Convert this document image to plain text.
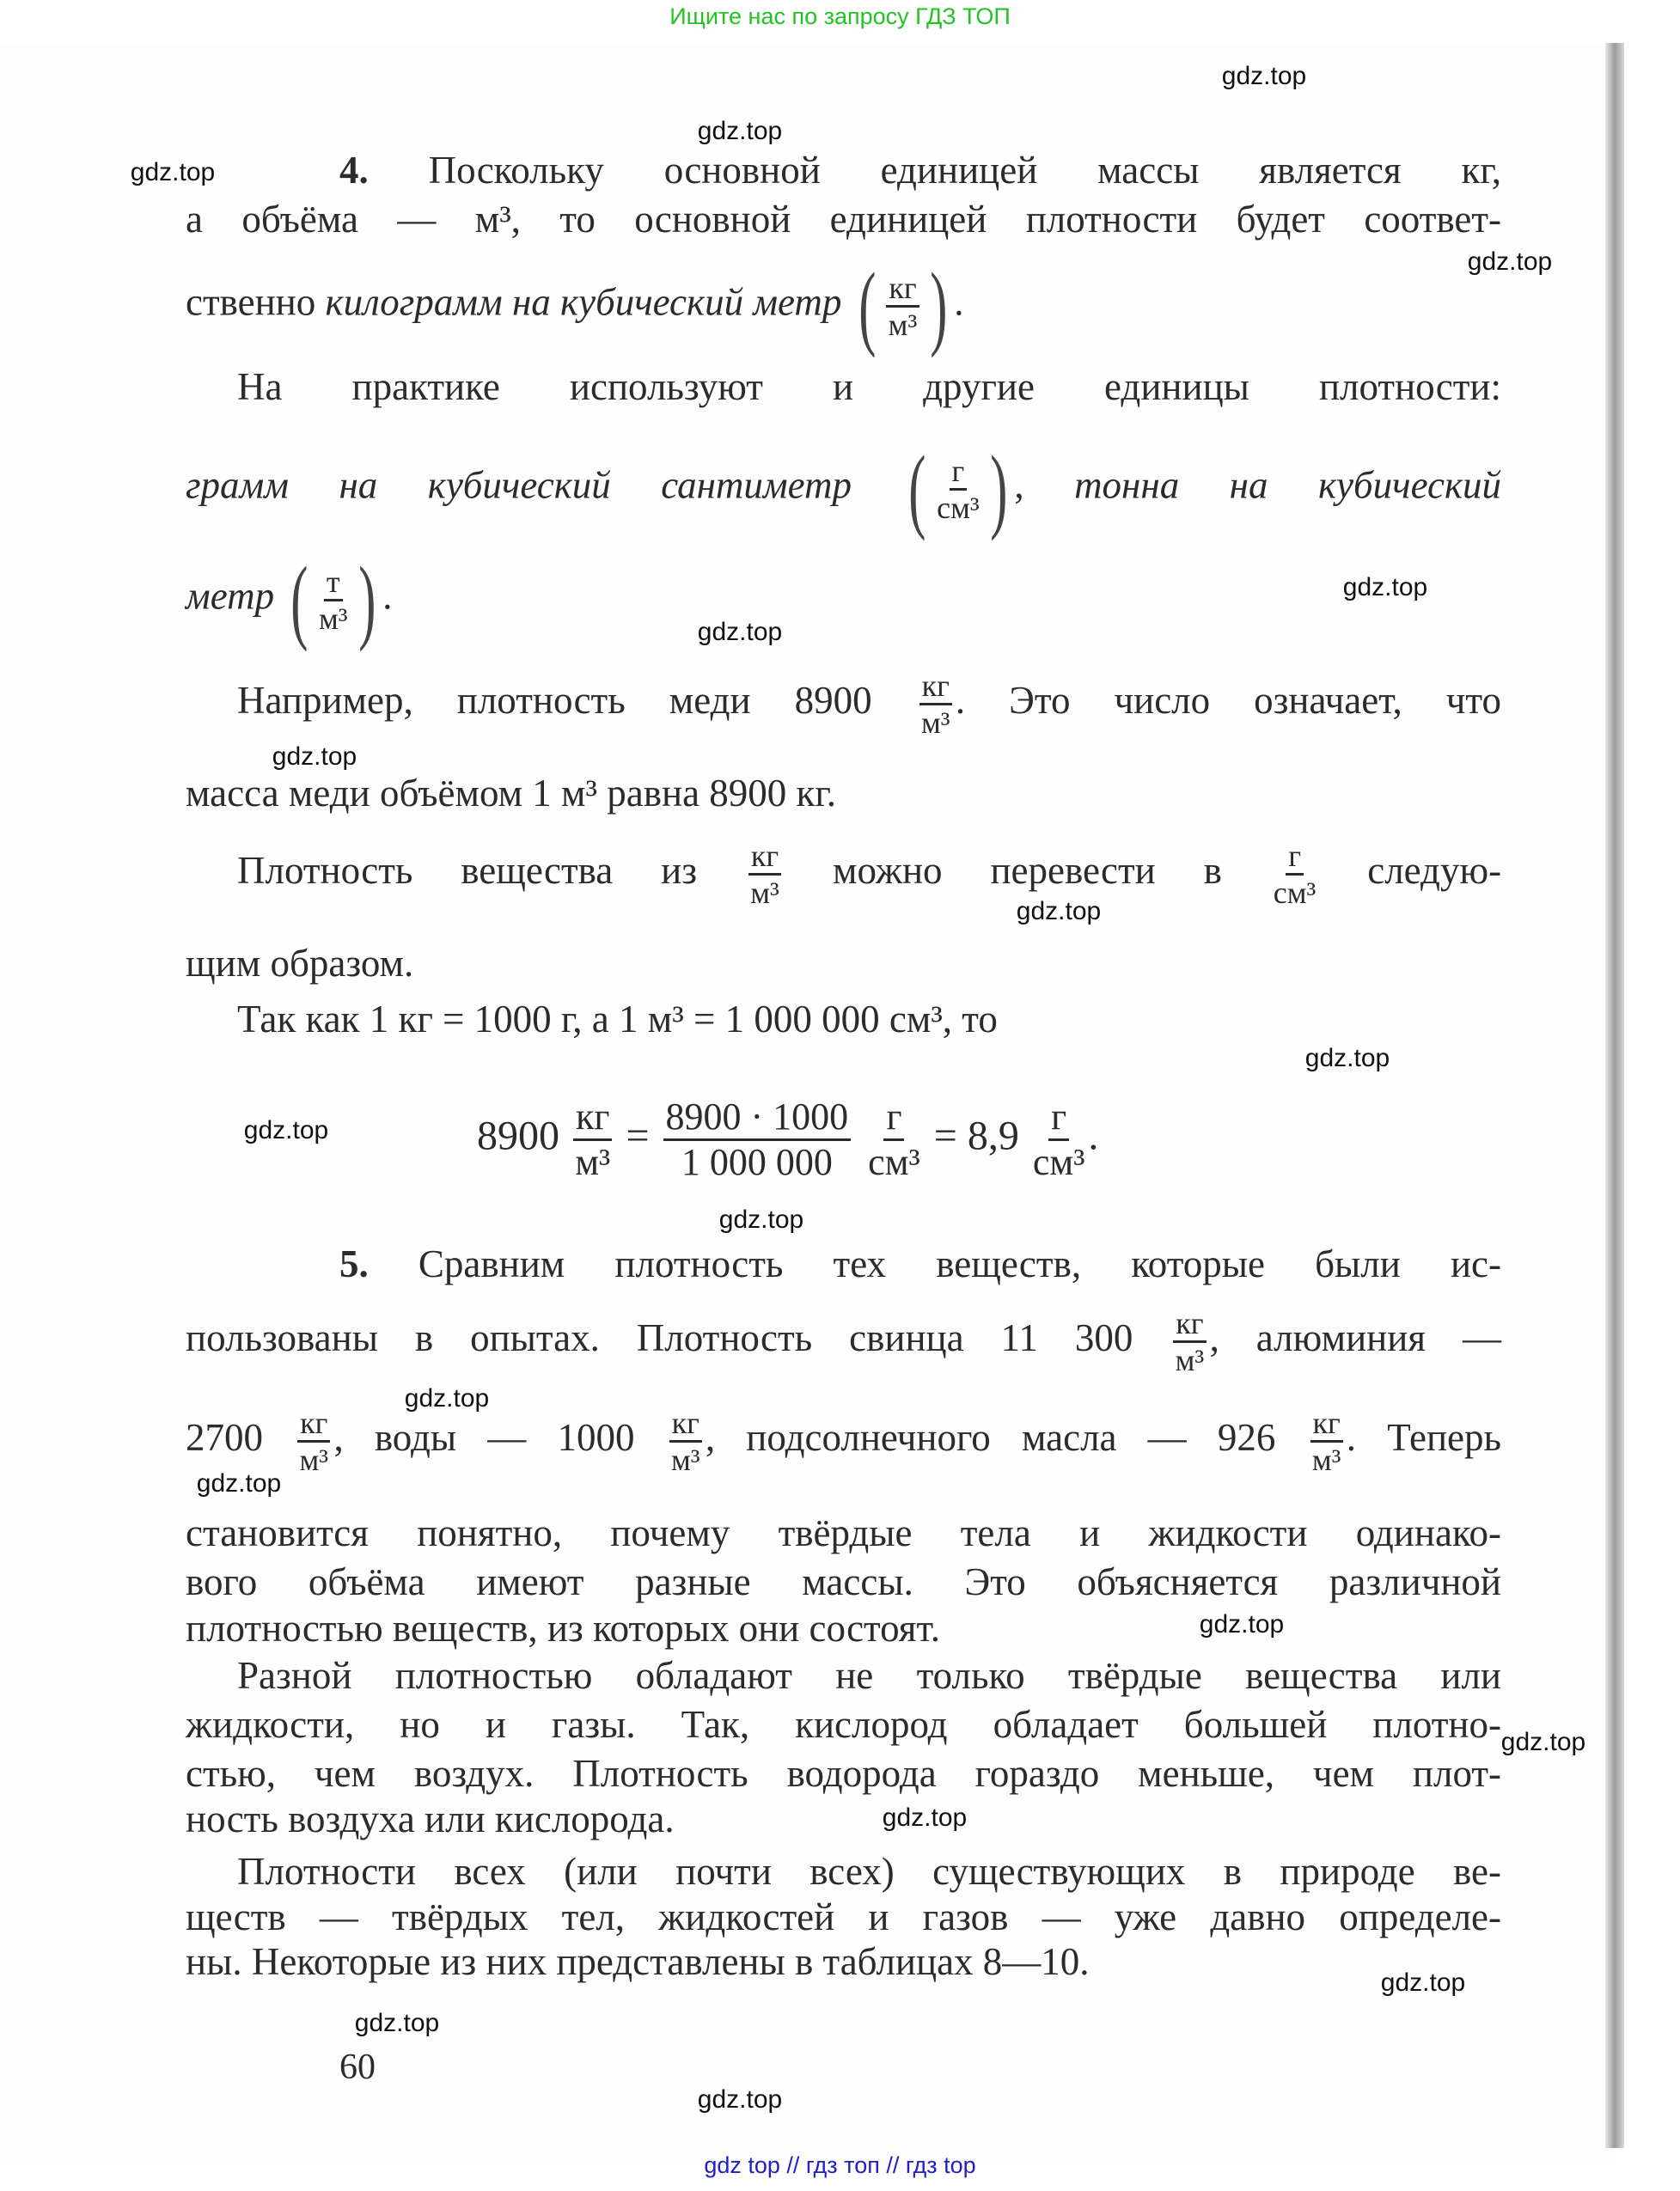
Ищите нас по запросу ГДЗ ТОП
4. Поскольку основной единицей массы является кг,
а объёма — м³, то основной единицей плотности будет соответ-
ственно килограмм на кубический метр ( $\frac{кг}{\text{м³}}$ ) .
На практике используют и другие единицы плотности:
грамм на кубический сантиметр ( $\frac{г}{\text{см³}}$ ) , тонна на кубический
метр ( $\frac{т}{\text{м³}}$ ) .
Например, плотность меди $8900 \frac{кг}{\text{м³}}$ . Это число означает, что
масса меди объёмом 1 м³ равна 8900 кг.
Плотность вещества из $\frac{кг}{\text{м³}}$ можно перевести в $\frac{г}{\text{см³}}$ следую-
щим образом.
Так как 1 кг = 1000 г, а 1 м³ = 1 000 000 см³, то
$8900 \frac{кг}{\text{м³}} = \frac{8900 \cdot 1000}{1 000 000}$
$\frac{г}{\text{см³}} = 8,9 \frac{г}{\text{см³}}$ .
5. Сравним плотность тех веществ, которые были ис-
пользованы в опытах. Плотность свинца 11 $300 \frac{кг}{\text{м³}}$ , алюминия —
$2700 \frac{кг}{\text{м³}}$ , воды — $1000 \frac{кг}{\text{м³}}$ , подсолнечного масла — $926 \frac{кг}{\text{м³}}$ . Теперь
становится понятно, почему твёрдые тела и жидкости одинако-
вого объёма имеют разные массы. Это объясняется различной
плотностью веществ, из которых они состоят.
Разной плотностью обладают не только твёрдые вещества или
жидкости, но и газы. Так, кислород обладает большей плотно-
стью, чем воздух. Плотность водорода гораздо меньше, чем плот-
ность воздуха или кислорода.
Плотности всех (или почти всех) существующих в природе ве-
ществ — твёрдых тел, жидкостей и газов — уже давно определе-
ны. Некоторые из них представлены в таблицах 8—10.
60
gdz.top
gdz.top
gdz.top
gdz.top
gdz.top
gdz.top
gdz.top
gdz.top
gdz.top
gdz.top
gdz.top
gdz.top
gdz.top
gdz.top
gdz.top
gdz.top
gdz.top
gdz.top
gdz.top
gdz top // гдз топ // гдз top
